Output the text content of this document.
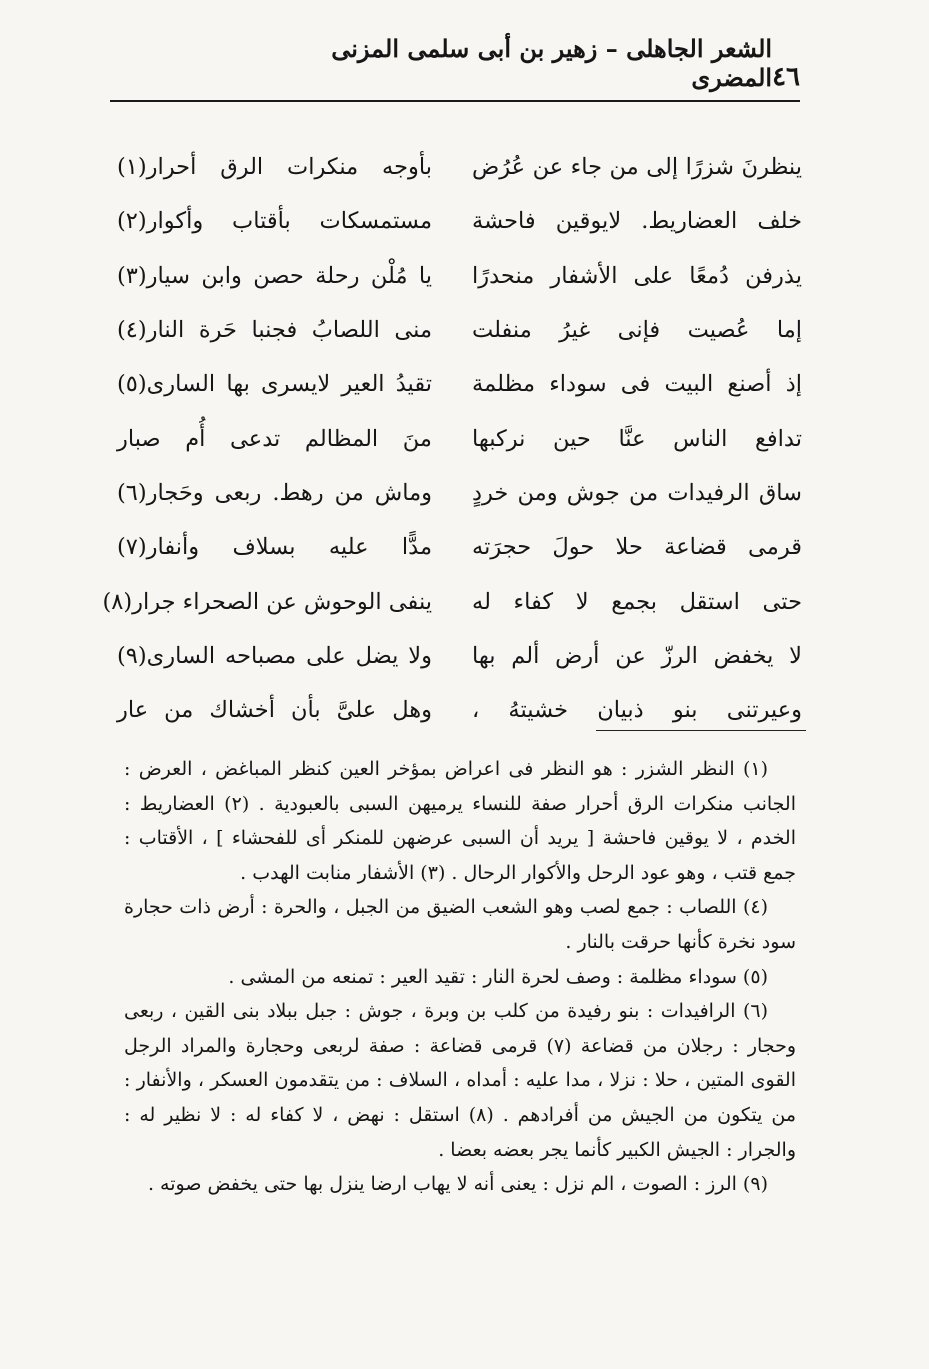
٤٦
الشعر الجاهلى – زهير بن أبى سلمى المزنى المضرى
ينظرنَ شزرًا إلى من جاء عن عُرُض
بأوجه منكرات الرق أحرار(١)
خلف العضاريط. لايوقين فاحشة
مستمسكات بأقتاب وأكوار(٢)
يذرفن دُمعًا على الأشفار منحدرًا
يا مُلْن رحلة حصن وابن سيار(٣)
إما عُصيت فإنى غيرُ منفلت
منى اللصابُ فجنبا حَرة النار(٤)
إذ أصنع البيت فى سوداء مظلمة
تقيدُ العير لايسرى بها السارى(٥)
تدافع الناس عنَّا حين نركبها
منَ المظالم تدعى أُم صبار
ساق الرفيدات من جوش ومن خردٍ
وماش من رهط. ربعى وحَجار(٦)
قرمى قضاعة حلا حولَ حجرَته
مدًّا عليه بسلاف وأنفار(٧)
حتى استقل بجمع لا كفاء له
ينفى الوحوش عن الصحراء جرار(٨)
لا يخفض الرزّ عن أرض ألم بها
ولا يضل على مصباحه السارى(٩)
وعيرتنى بنو ذبيان خشيتهُ ،
وهل علىَّ بأن أخشاك من عار

(١) النظر الشزر : هو النظر فى اعراض بمؤخر العين كنظر المباغض ، العرض : الجانب منكرات الرق أحرار صفة للنساء يرميهن السبى بالعبودية . (٢) العضاريط : الخدم ، لا يوقين فاحشة [ يريد أن السبى عرضهن للمنكر أى للفحشاء ] ، الأقتاب : جمع قتب ، وهو عود الرحل والأكوار الرحال . (٣) الأشفار منابت الهدب .

(٤) اللصاب : جمع لصب وهو الشعب الضيق من الجبل ، والحرة : أرض ذات حجارة سود نخرة كأنها حرقت بالنار .

(٥) سوداء مظلمة : وصف لحرة النار : تقيد العير : تمنعه من المشى .

(٦) الرافيدات : بنو رفيدة من كلب بن وبرة ، جوش : جبل ببلاد بنى القين ، ربعى وحجار : رجلان من قضاعة (٧) قرمى قضاعة : صفة لربعى وحجارة والمراد الرجل القوى المتين ، حلا : نزلا ، مدا عليه : أمداه ، السلاف : من يتقدمون العسكر ، والأنفار : من يتكون من الجيش من أفرادهم . (٨) استقل : نهض ، لا كفاء له : لا نظير له : والجرار : الجيش الكبير كأنما يجر بعضه بعضا .

(٩) الرز : الصوت ، الم نزل : يعنى أنه لا يهاب ارضا ينزل بها حتى يخفض صوته .
